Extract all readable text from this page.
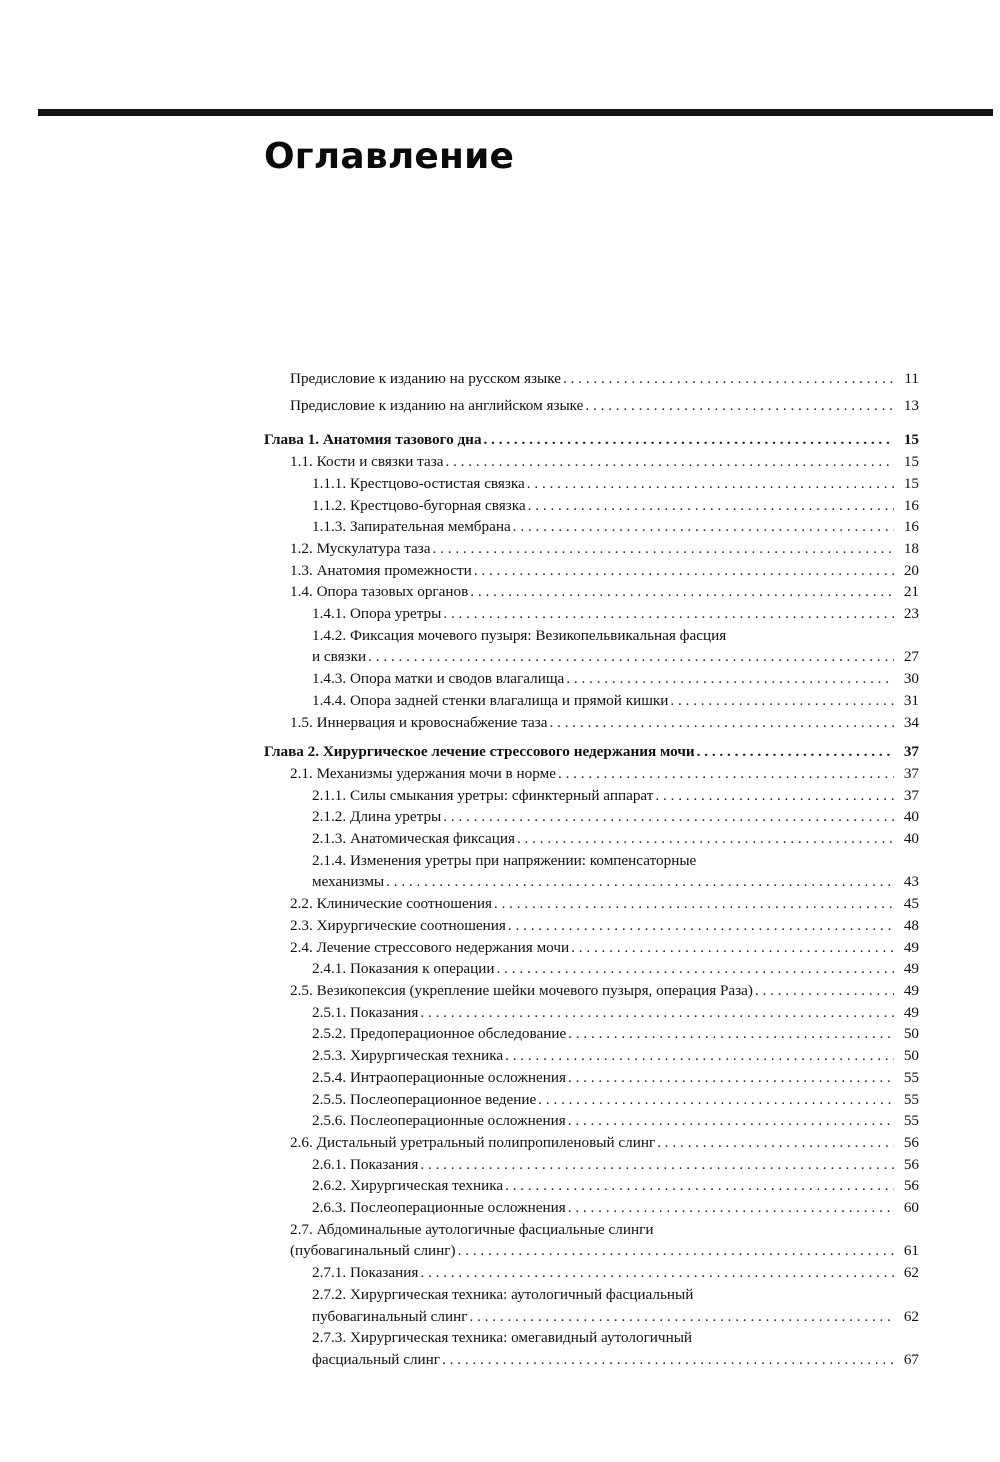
Оглавление
Предисловие к изданию на русском языке . . .	11
Предисловие к изданию на английском языке . . .	13
Глава 1. Анатомия тазового дна . . .	15
1.1. Кости и связки таза . . .	15
1.1.1. Крестцово-остистая связка . . .	15
1.1.2. Крестцово-бугорная связка . . .	16
1.1.3. Запирательная мембрана . . .	16
1.2. Мускулатура таза . . .	18
1.3. Анатомия промежности . . .	20
1.4. Опора тазовых органов . . .	21
1.4.1. Опора уретры . . .	23
1.4.2. Фиксация мочевого пузыря: Везикопельвикальная фасция
и связки . . .	27
1.4.3. Опора матки и сводов влагалища . . .	30
1.4.4. Опора задней стенки влагалища и прямой кишки . . .	31
1.5. Иннервация и кровоснабжение таза . . .	34
Глава 2. Хирургическое лечение стрессового недержания мочи . . .	37
2.1. Механизмы удержания мочи в норме . . .	37
2.1.1. Силы смыкания уретры: сфинктерный аппарат . . .	37
2.1.2. Длина уретры . . .	40
2.1.3. Анатомическая фиксация . . .	40
2.1.4. Изменения уретры при напряжении: компенсаторные
механизмы . . .	43
2.2. Клинические соотношения . . .	45
2.3. Хирургические соотношения . . .	48
2.4. Лечение стрессового недержания мочи . . .	49
2.4.1. Показания к операции . . .	49
2.5. Везикопексия (укрепление шейки мочевого пузыря, операция Раза) . . .	49
2.5.1. Показания . . .	49
2.5.2. Предоперационное обследование . . .	50
2.5.3. Хирургическая техника . . .	50
2.5.4. Интраоперационные осложнения . . .	55
2.5.5. Послеоперационное ведение . . .	55
2.5.6. Послеоперационные осложнения . . .	55
2.6. Дистальный уретральный полипропиленовый слинг . . .	56
2.6.1. Показания . . .	56
2.6.2. Хирургическая техника . . .	56
2.6.3. Послеоперационные осложнения . . .	60
2.7. Абдоминальные аутологичные фасциальные слинги
(пубовагинальный слинг) . . .	61
2.7.1. Показания . . .	62
2.7.2. Хирургическая техника: аутологичный фасциальный
пубовагинальный слинг . . .	62
2.7.3. Хирургическая техника: омегавидный аутологичный
фасциальный слинг . . .	67
